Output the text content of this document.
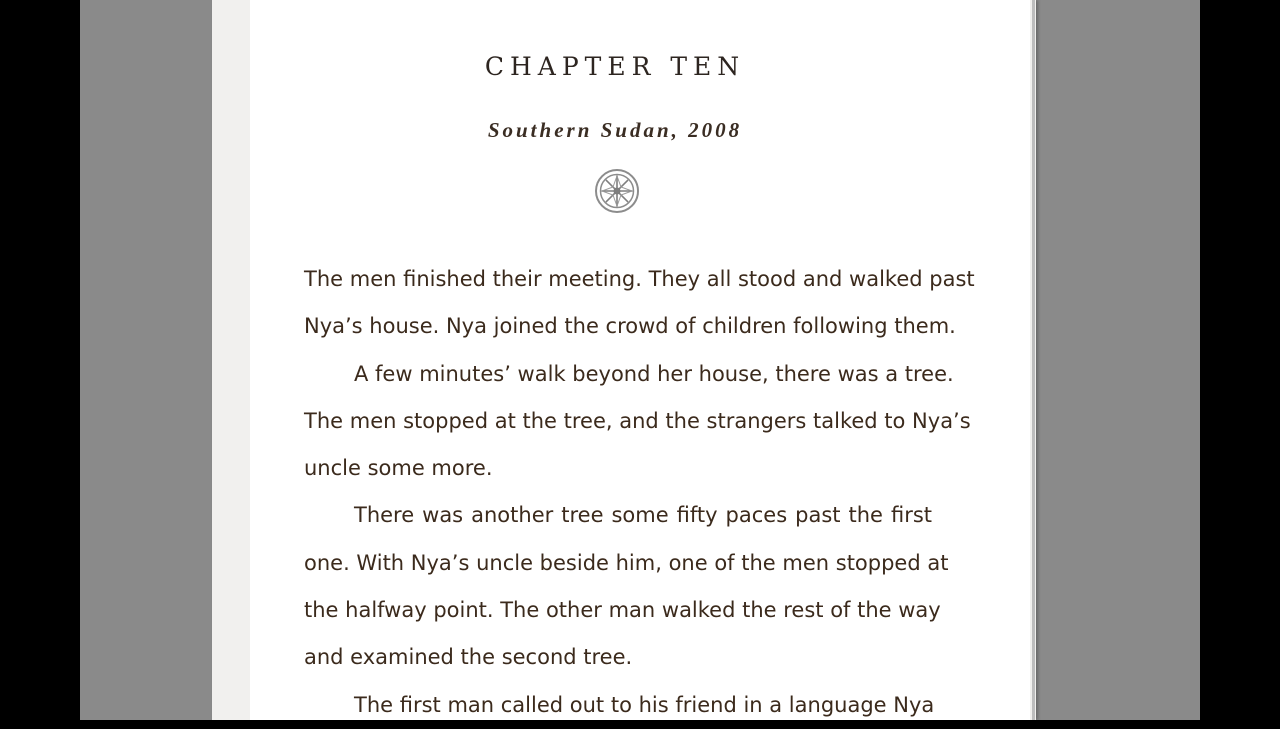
CHAPTER TEN
Southern Sudan, 2008
The men finished their meeting. They all stood and walked past
Nya’s house. Nya joined the crowd of children following them.
A few minutes’ walk beyond her house, there was a tree.
The men stopped at the tree, and the strangers talked to Nya’s
uncle some more.
There was another tree some fifty paces past the first
one. With Nya’s uncle beside him, one of the men stopped at
the halfway point. The other man walked the rest of the way
and examined the second tree.
The first man called out to his friend in a language Nya
